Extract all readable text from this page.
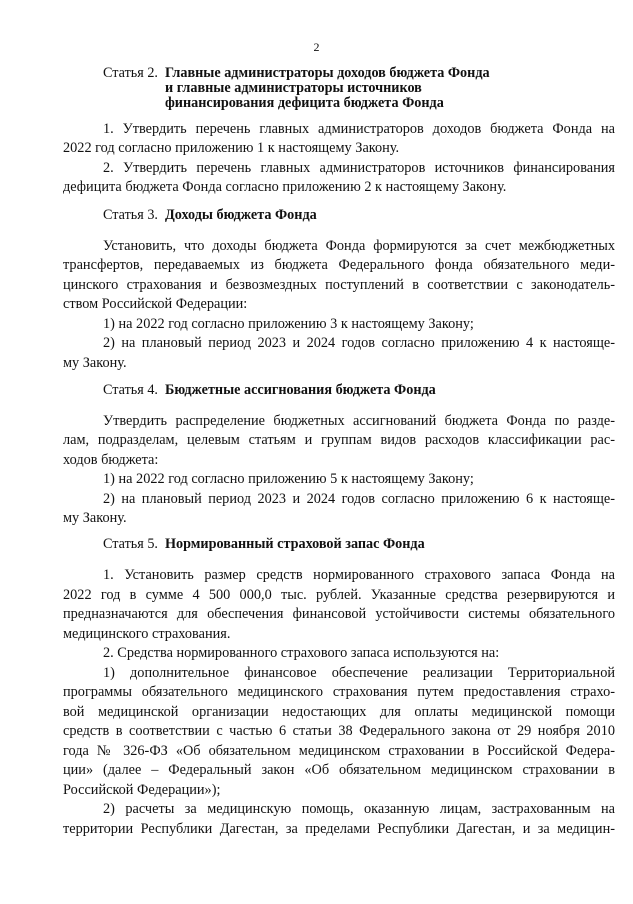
2
Статья 2. Главные администраторы доходов бюджета Фонда
и главные администраторы источников
финансирования дефицита бюджета Фонда
1. Утвердить перечень главных администраторов доходов бюджета Фонда на
2022 год согласно приложению 1 к настоящему Закону.
2. Утвердить перечень главных администраторов источников финансирования
дефицита бюджета Фонда согласно приложению 2 к настоящему Закону.
Статья 3. Доходы бюджета Фонда
Установить, что доходы бюджета Фонда формируются за счет межбюджетных
трансфертов, передаваемых из бюджета Федерального фонда обязательного меди-
цинского страхования и безвозмездных поступлений в соответствии с законодатель-
ством Российской Федерации:
1) на 2022 год согласно приложению 3 к настоящему Закону;
2) на плановый период 2023 и 2024 годов согласно приложению 4 к настояще-
му Закону.
Статья 4. Бюджетные ассигнования бюджета Фонда
Утвердить распределение бюджетных ассигнований бюджета Фонда по разде-
лам, подразделам, целевым статьям и группам видов расходов классификации рас-
ходов бюджета:
1) на 2022 год согласно приложению 5 к настоящему Закону;
2) на плановый период 2023 и 2024 годов согласно приложению 6 к настояще-
му Закону.
Статья 5. Нормированный страховой запас Фонда
1. Установить размер средств нормированного страхового запаса Фонда на
2022 год в сумме 4 500 000,0 тыс. рублей. Указанные средства резервируются и
предназначаются для обеспечения финансовой устойчивости системы обязательного
медицинского страхования.
2. Средства нормированного страхового запаса используются на:
1) дополнительное финансовое обеспечение реализации Территориальной
программы обязательного медицинского страхования путем предоставления страхо-
вой медицинской организации недостающих для оплаты медицинской помощи
средств в соответствии с частью 6 статьи 38 Федерального закона от 29 ноября 2010
года № 326-ФЗ «Об обязательном медицинском страховании в Российской Федера-
ции» (далее – Федеральный закон «Об обязательном медицинском страховании в
Российской Федерации»);
2) расчеты за медицинскую помощь, оказанную лицам, застрахованным на
территории Республики Дагестан, за пределами Республики Дагестан, и за медицин-
